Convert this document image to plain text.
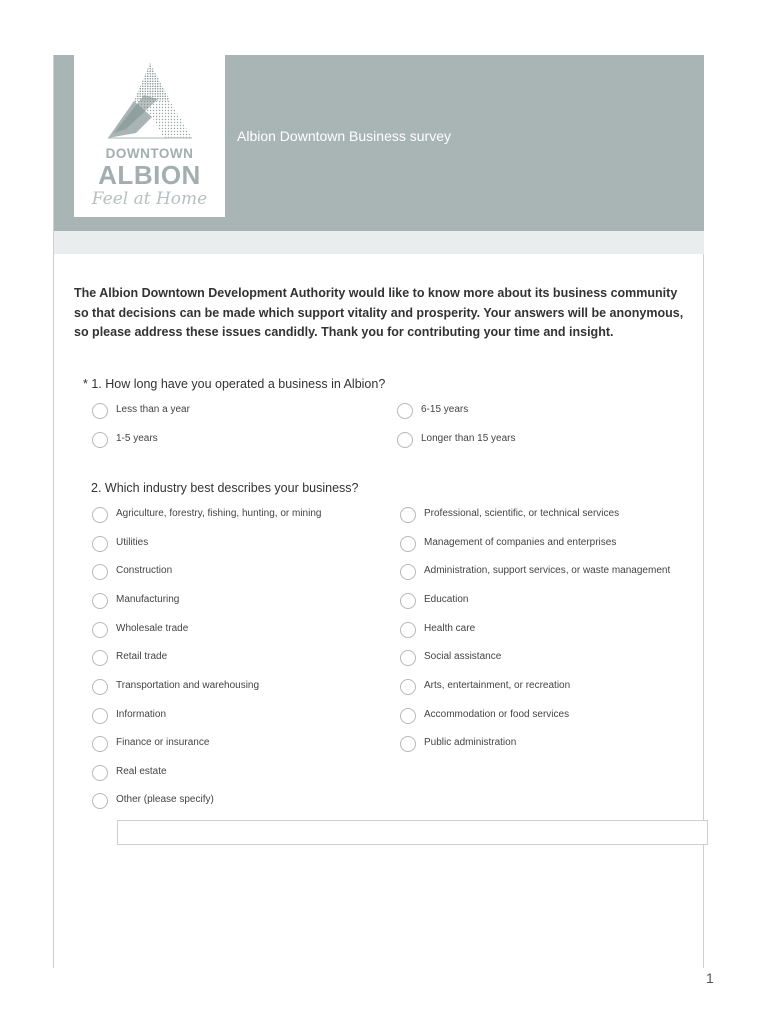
DOWNTOWN
ALBION
Feel at Home
Albion Downtown Business survey
The Albion Downtown Development Authority would like to know more about its business community so that decisions can be made which support vitality and prosperity. Your answers will be anonymous, so please address these issues candidly. Thank you for contributing your time and insight.
* 1. How long have you operated a business in Albion?
Less than a year	6-15 years
1-5 years	Longer than 15 years
2. Which industry best describes your business?
Agriculture, forestry, fishing, hunting, or mining
Utilities
Construction
Manufacturing
Wholesale trade
Retail trade
Transportation and warehousing
Information
Finance or insurance
Real estate
Other (please specify)
Professional, scientific, or technical services
Management of companies and enterprises
Administration, support services, or waste management
Education
Health care
Social assistance
Arts, entertainment, or recreation
Accommodation or food services
Public administration
1
